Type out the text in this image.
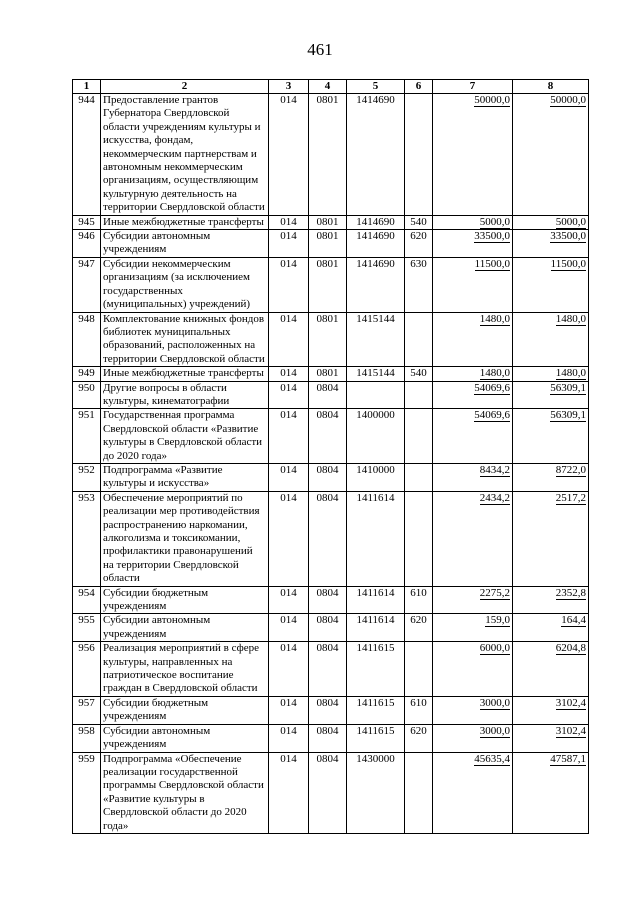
461
1	2	3	4	5	6	7	8
944	Предоставление грантов Губернатора Свердловской области учреждениям культуры и искусства, фондам, некоммерческим партнерствам и автономным некоммерческим организациям, осуществляющим культурную деятельность на территории Свердловской области	014	0801	1414690		50000,0	50000,0
945	Иные межбюджетные трансферты	014	0801	1414690	540	5000,0	5000,0
946	Субсидии автономным учреждениям	014	0801	1414690	620	33500,0	33500,0
947	Субсидии некоммерческим организациям (за исключением государственных (муниципальных) учреждений)	014	0801	1414690	630	11500,0	11500,0
948	Комплектование книжных фондов библиотек муниципальных образований, расположенных на территории Свердловской области	014	0801	1415144		1480,0	1480,0
949	Иные межбюджетные трансферты	014	0801	1415144	540	1480,0	1480,0
950	Другие вопросы в области культуры, кинематографии	014	0804			54069,6	56309,1
951	Государственная программа Свердловской области «Развитие культуры в Свердловской области до 2020 года»	014	0804	1400000		54069,6	56309,1
952	Подпрограмма «Развитие культуры и искусства»	014	0804	1410000		8434,2	8722,0
953	Обеспечение мероприятий по реализации мер противодействия распространению наркомании, алкоголизма и токсикомании, профилактики правонарушений на территории Свердловской области	014	0804	1411614		2434,2	2517,2
954	Субсидии бюджетным учреждениям	014	0804	1411614	610	2275,2	2352,8
955	Субсидии автономным учреждениям	014	0804	1411614	620	159,0	164,4
956	Реализация мероприятий в сфере культуры, направленных на патриотическое воспитание граждан в Свердловской области	014	0804	1411615		6000,0	6204,8
957	Субсидии бюджетным учреждениям	014	0804	1411615	610	3000,0	3102,4
958	Субсидии автономным учреждениям	014	0804	1411615	620	3000,0	3102,4
959	Подпрограмма «Обеспечение реализации государственной программы Свердловской области «Развитие культуры в Свердловской области до 2020 года»	014	0804	1430000		45635,4	47587,1
